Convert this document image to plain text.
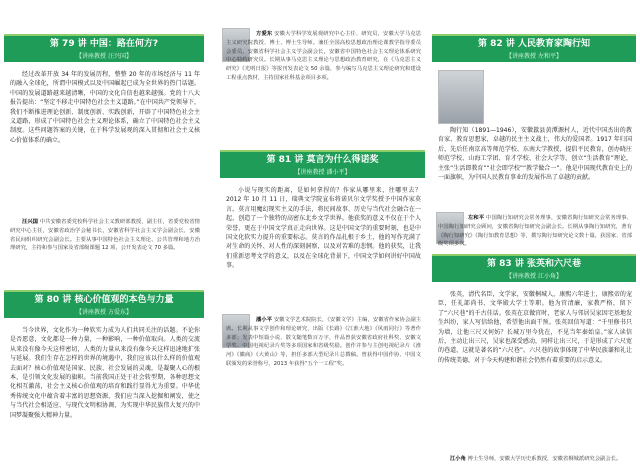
第 79 讲 中国：路在何方?
【讲座教授 汪兴国】

经过改革开放 34 年的发展历程，整整 20 年的市场经济与 11 年的融入全球化，所谓中国模式以及中国崛起已成为全世界的热门话题。中国的发展道路越来越清晰，中国的文化自信也越来越强。党的十八大报告提出：“坚定不移走中国特色社会主义道路。”在中国共产党领导下，我们不断推进理论创新、制度创新、实践创新，开辟了中国特色社会主义道路，形成了中国特色社会主义理论体系，确立了中国特色社会主义制度。这些问题答案的关键，在于科学发展观的深入贯彻和社会主义核心价值体系的确立。

汪兴国 中共安徽省委党校科学社会主义教研部教授，副主任，省委党校省情研究中心主任，安徽省政治学会秘书长，安徽省科学社会主义学会副会长，安徽省民间组织研究会副会长。主要从事中国特色社会主义理论、公共管理和地方治理研究，主持和参与国家及省部级课题 12 项，公开发表论文 70 多篇。

第 80 讲 核心价值观的本色与力量
【讲座教授 方爱东】

当今世界，文化作为一种软实力成为人们共同关注的话题。不论你是否愿意，文化都是一种力量，一种影响，一种价值取向。人类的交流从来没有像今天这样密切，人类的力量从来没有像今天这样迅速地扩张与延展。我们生存在怎样的世界的境遇中，我们应该以什么样的价值观去面对？核心价值观是国家、民族、社会发展的灵魂，是凝聚人心的根本，是引领文化发展的旗帜。当前我国正处于社会转型期，各种思想文化相互激荡，社会主义核心价值观的培育和践行显得尤为重要。中华优秀传统文化中蕴含着丰富的思想资源，我们应当深入挖掘和阐发，使之与当代社会相适应、与现代文明相协调，为实现中华民族伟大复兴的中国梦凝聚强大精神力量。

方爱东 安徽大学科学发展观研究中心主任、研究员，安徽大学马克思主义研究院教授、博士、博士生导师。兼任全国高校思想政治理论课教学指导委员会委员，安徽省科学社会主义学会副会长，安徽省中国特色社会主义理论体系研究中心特约研究员。长期从事马克思主义理论与思想政治教育研究，在《马克思主义研究》《光明日报》等报刊发表论文 50 余篇，参与编写马克思主义理论研究和建设工程重点教材，主持国家社科基金项目多项。

第 81 讲 莫言为什么得诺奖
【讲座教授 潘小平】

小说与现实的距离，是如何拿捏的？作家从哪里来，往哪里去？2012 年 10 月 11 日，瑞典文学院宣布将诺贝尔文学奖授予中国作家莫言。莫言用魔幻现实主义的手法，将民间故事、历史与当代社会融合在一起，创造了一个独特的高密东北乡文学世界。他获奖的意义不仅在于个人荣誉，更在于中国文学真正走向世界。这是中国文学的重要时刻，也是中国文化软实力提升的重要标志。莫言的作品扎根于乡土，他的写作充满了对生命的关怀、对人性的深刻洞察，以及对苦难的悲悯。他的获奖，让我们重新思考文学的意义，以及在全球化背景下，中国文学如何讲好中国故事。

潘小平 安徽文学艺术院院长，《安徽文学》主编，安徽省作家协会副主席。长期从事文学创作和理论研究，出版《长路》《江淮大地》《风雨同行》等著作多部；发表中短篇小说、散文随笔数百万字，作品曾获安徽省政府社科奖、安徽文学奖、中国电视纪录片奖等多项国家和省级奖励。创作并参与主创电视纪录片《淮河》《徽商》《大黄山》等，担任多部大型纪录片总撰稿。曾获得中国作协、中国文联颁发的荣誉称号，2013 年获得“五个一工程”奖。

第 82 讲 人民教育家陶行知
【讲座教授 左和平】

陶行知（1891—1946），安徽歙县黄潭源村人，近代中国杰出的教育家、教育思想家，卓越的民主主义战士，伟大的爱国者。1917 年归国后，先后任南京高等师范学校、东南大学教授，提倡平民教育，创办晓庄师范学校、山海工学团、育才学校、社会大学等，创立“生活教育”理论，主张“生活即教育”“社会即学校”“教学做合一”。他是中国现代教育史上的一面旗帜，为中国人民教育事业的发展作出了卓越的贡献。

左和平 中国陶行知研究会常务理事，安徽省陶行知研究会常务理事、中国陶行知研究会顾问，安徽省陶行知研究会副会长。长期从事陶行知研究，著有《陶行知研究》《陶行知教育思想》等，撰写陶行知研究论文数十篇，获国家、省部级奖项多次。

第 83 讲 张英和六尺巷
【讲座教授 江小角】

张英，清代名臣，文学家，安徽桐城人，康熙六年进士，康熙帝的宠臣，任礼部尚书、文华殿大学士等职。他为官清廉，家教严格，留下了“六尺巷”的千古佳话。张英在京做官时，老家人与邻居吴家因宅基地发生纠纷，家人写信给他，希望他出面干预。张英回信写道：“千里修书只为墙，让他三尺又何妨？长城万里今犹在，不见当年秦始皇。”家人读信后，主动让出三尺，吴家也深受感动，同样让出三尺，于是形成了六尺宽的巷道，这就是著名的“六尺巷”。六尺巷的故事体现了中华民族谦和礼让的传统美德，对于今天构建和谐社会仍然有着重要的启示意义。

江小角 博士生导师，安徽大学历史系教授，安徽省桐城派研究会副会长。
